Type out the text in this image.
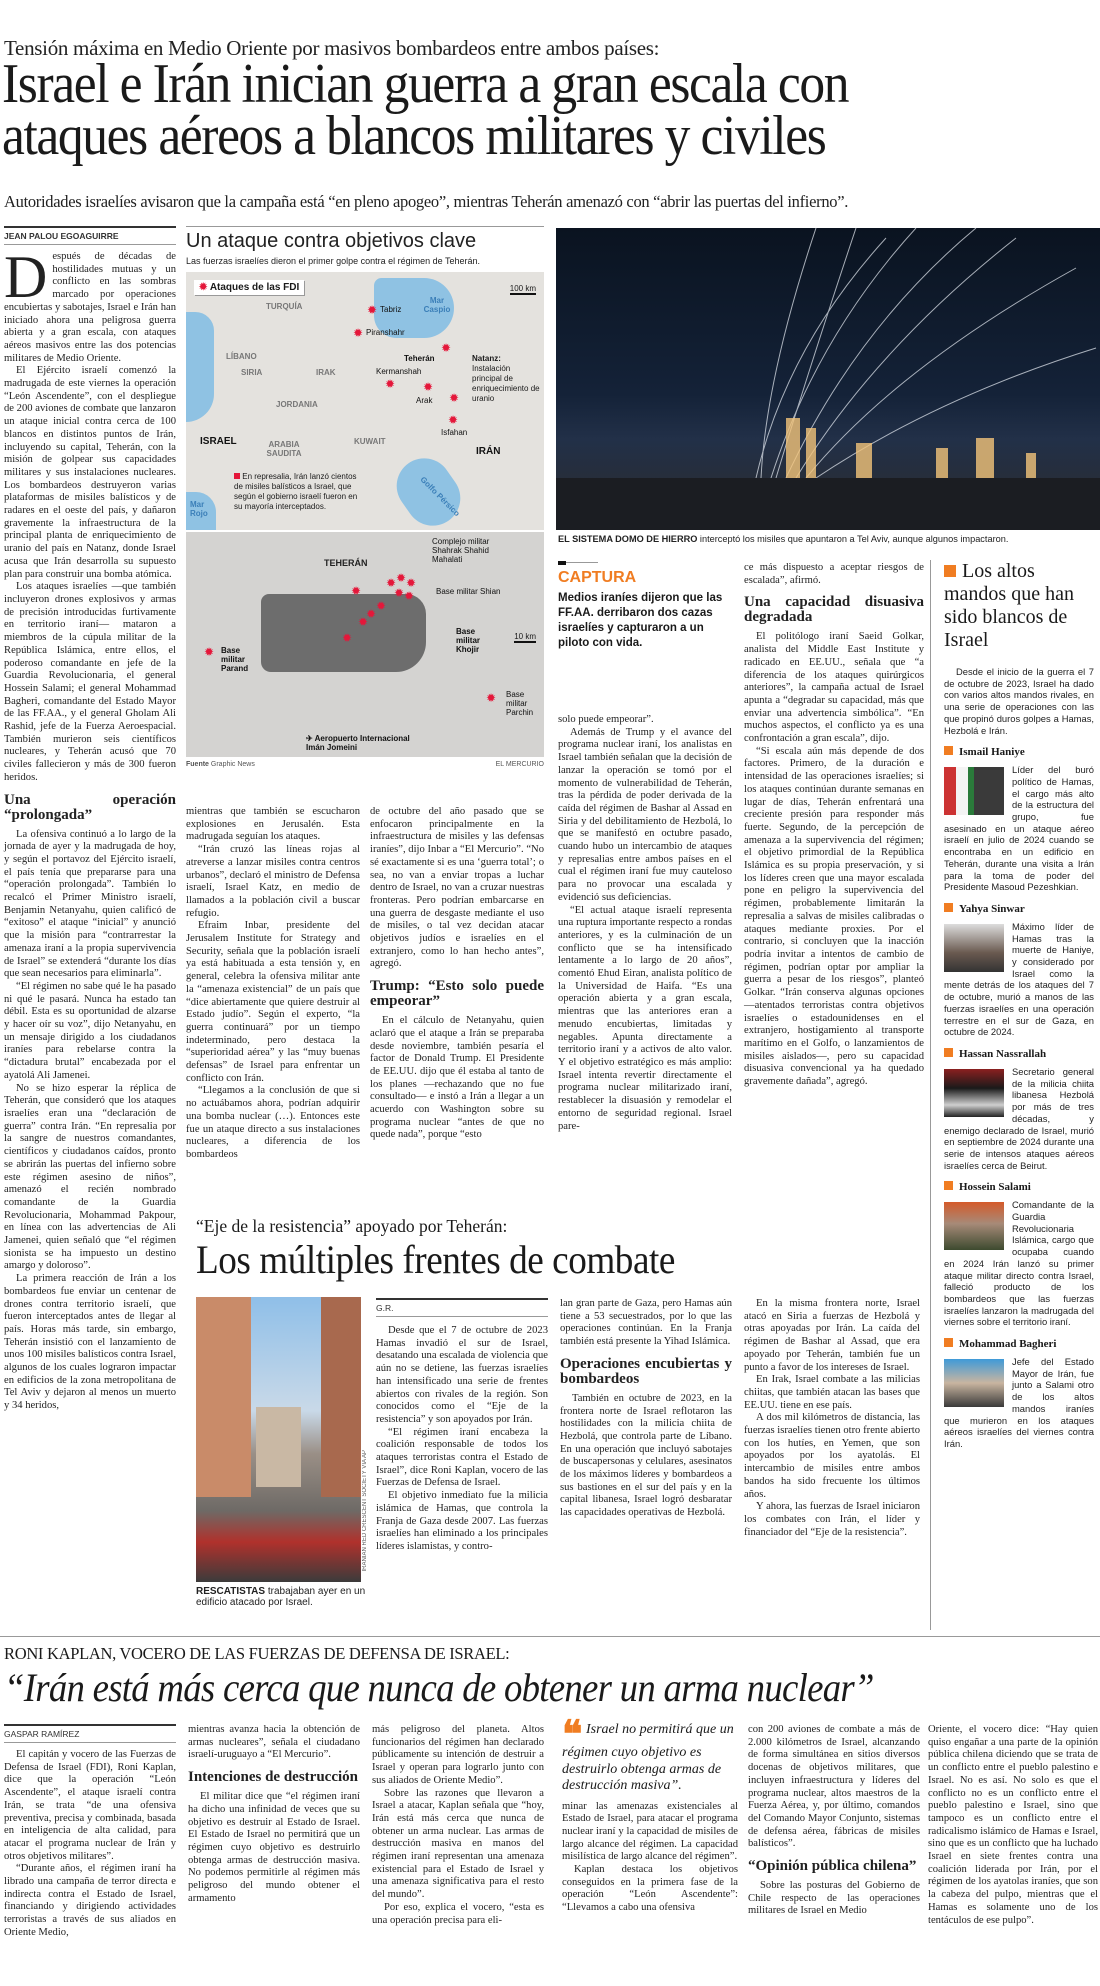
Tensión máxima en Medio Oriente por masivos bombardeos entre ambos países:
Israel e Irán inician guerra a gran escala con
ataques aéreos a blancos militares y civiles
Autoridades israelíes avisaron que la campaña está “en pleno apogeo”, mientras Teherán amenazó con “abrir las puertas del infierno”.
JEAN PALOU EGOAGUIRRE

Después de décadas de hostilidades mutuas y un conflicto en las sombras marcado por operaciones encubiertas y sabotajes, Israel e Irán han iniciado ahora una peligrosa guerra abierta y a gran escala, con ataques aéreos masivos entre las dos potencias militares de Medio Oriente.

El Ejército israelí comenzó la madrugada de este viernes la operación “León Ascendente”, con el despliegue de 200 aviones de combate que lanzaron un ataque inicial contra cerca de 100 blancos en distintos puntos de Irán, incluyendo su capital, Teherán, con la misión de golpear sus capacidades militares y sus instalaciones nucleares. Los bombardeos destruyeron varias plataformas de misiles balísticos y de radares en el oeste del país, y dañaron gravemente la infraestructura de la principal planta de enriquecimiento de uranio del país en Natanz, donde Israel acusa que Irán desarrolla su supuesto plan para construir una bomba atómica.

Los ataques israelíes —que también incluyeron drones explosivos y armas de precisión introducidas furtivamente en territorio iraní— mataron a miembros de la cúpula militar de la República Islámica, entre ellos, el poderoso comandante en jefe de la Guardia Revolucionaria, el general Hossein Salami; el general Mohammad Bagheri, comandante del Estado Mayor de las FF.AA., y el general Gholam Ali Rashid, jefe de la Fuerza Aeroespacial. También murieron seis científicos nucleares, y Teherán acusó que 70 civiles fallecieron y más de 300 fueron heridos.

Una operación “prolongada”

La ofensiva continuó a lo largo de la jornada de ayer y la madrugada de hoy, y según el portavoz del Ejército israelí, el país tenía que prepararse para una “operación prolongada”. También lo recalcó el Primer Ministro israelí, Benjamin Netanyahu, quien calificó de “exitoso” el ataque “inicial” y anunció que la misión para “contrarrestar la amenaza iraní a la propia supervivencia de Israel” se extenderá “durante los días que sean necesarios para eliminarla”.

“El régimen no sabe qué le ha pasado ni qué le pasará. Nunca ha estado tan débil. Esta es su oportunidad de alzarse y hacer oír su voz”, dijo Netanyahu, en un mensaje dirigido a los ciudadanos iraníes para rebelarse contra la “dictadura brutal” encabezada por el ayatolá Ali Jamenei.

No se hizo esperar la réplica de Teherán, que consideró que los ataques israelíes eran una “declaración de guerra” contra Irán. “En represalia por la sangre de nuestros comandantes, científicos y ciudadanos caídos, pronto se abrirán las puertas del infierno sobre este régimen asesino de niños”, amenazó el recién nombrado comandante de la Guardia Revolucionaria, Mohammad Pakpour, en línea con las advertencias de Ali Jamenei, quien señaló que “el régimen sionista se ha impuesto un destino amargo y doloroso”.

La primera reacción de Irán a los bombardeos fue enviar un centenar de drones contra territorio israelí, que fueron interceptados antes de llegar al país. Horas más tarde, sin embargo, Teherán insistió con el lanzamiento de unos 100 misiles balísticos contra Israel, algunos de los cuales lograron impactar en edificios de la zona metropolitana de Tel Aviv y dejaron al menos un muerto y 34 heridos,

Un ataque contra objetivos clave
Las fuerzas israelíes dieron el primer golpe contra el régimen de Teherán.
✹ Ataques de las FDI	100 km
TURQUÍA
LÍBANO
SIRIA	IRAK
JORDANIA
ISRAEL	ARABIA SAUDITA
KUWAIT
IRÁN
Mar Caspio
Golfo Pérsico
Mar Rojo
✹ Tabriz
✹ Piranshahr
✹
Teherán
Kermanshah
✹ ✹
Arak ✹
✹
Isfahan
Natanz:
Instalación principal de enriquecimiento de uranio
En represalia, Irán lanzó cientos de misiles balísticos a Israel, que según el gobierno israelí fueron en su mayoría interceptados.
TEHERÁN
Complejo militar Shahrak Shahid Mahalati
Base militar Shian
Base militar Khojir
Base militar Parand
Base militar Parchin
✈ Aeropuerto Internacional Imán Jomeini
10 km
✹
✹ ✹ ✹
✹ ✹
✹
✹
✹
✹
✹
✹
Fuente Graphic News	EL MERCURIO

mientras que también se escucharon explosiones en Jerusalén. Esta madrugada seguían los ataques.

“Irán cruzó las líneas rojas al atreverse a lanzar misiles contra centros urbanos”, declaró el ministro de Defensa israelí, Israel Katz, en medio de llamados a la población civil a buscar refugio.

Efraim Inbar, presidente del Jerusalem Institute for Strategy and Security, señala que la población israelí ya está habituada a esta tensión y, en general, celebra la ofensiva militar ante la “amenaza existencial” de un país que “dice abiertamente que quiere destruir al Estado judío”. Según el experto, “la guerra continuará” por un tiempo indeterminado, pero destaca la “superioridad aérea” y las “muy buenas defensas” de Israel para enfrentar un conflicto con Irán.

“Llegamos a la conclusión de que si no actuábamos ahora, podrían adquirir una bomba nuclear (…). Entonces este fue un ataque directo a sus instalaciones nucleares, a diferencia de los bombardeos

de octubre del año pasado que se enfocaron principalmente en la infraestructura de misiles y las defensas iraníes”, dijo Inbar a “El Mercurio”. “No sé exactamente si es una ‘guerra total’; o sea, no van a enviar tropas a luchar dentro de Israel, no van a cruzar nuestras fronteras. Pero podrían embarcarse en una guerra de desgaste mediante el uso de misiles, o tal vez decidan atacar objetivos judíos e israelíes en el extranjero, como lo han hecho antes”, agregó.

Trump: “Esto solo puede empeorar”

En el cálculo de Netanyahu, quien aclaró que el ataque a Irán se preparaba desde noviembre, también pesaría el factor de Donald Trump. El Presidente de EE.UU. dijo que él estaba al tanto de los planes —rechazando que no fue consultado— e instó a Irán a llegar a un acuerdo con Washington sobre su programa nuclear “antes de que no quede nada”, porque “esto

EL SISTEMA DOMO DE HIERRO interceptó los misiles que apuntaron a Tel Aviv, aunque algunos impactaron.
CAPTURA
Medios iraníes dijeron que las FF.AA. derribaron dos cazas israelíes y capturaron a un piloto con vida.

solo puede empeorar”.

Además de Trump y el avance del programa nuclear iraní, los analistas en Israel también señalan que la decisión de lanzar la operación se tomó por el momento de vulnerabilidad de Teherán, tras la pérdida de poder derivada de la caída del régimen de Bashar al Assad en Siria y del debilitamiento de Hezbolá, lo que se manifestó en octubre pasado, cuando hubo un intercambio de ataques y represalias entre ambos países en el cual el régimen iraní fue muy cauteloso para no provocar una escalada y evidenció sus deficiencias.

“El actual ataque israelí representa una ruptura importante respecto a rondas anteriores, y es la culminación de un conflicto que se ha intensificado lentamente a lo largo de 20 años”, comentó Ehud Eiran, analista político de la Universidad de Haifa. “Es una operación abierta y a gran escala, mientras que las anteriores eran a menudo encubiertas, limitadas y negables. Apunta directamente a territorio iraní y a activos de alto valor. Y el objetivo estratégico es más amplio: Israel intenta revertir directamente el programa nuclear militarizado iraní, restablecer la disuasión y remodelar el entorno de seguridad regional. Israel pare-

ce más dispuesto a aceptar riesgos de escalada”, afirmó.

Una capacidad disuasiva degradada

El politólogo iraní Saeid Golkar, analista del Middle East Institute y radicado en EE.UU., señala que “a diferencia de los ataques quirúrgicos anteriores”, la campaña actual de Israel apunta a “degradar su capacidad, más que enviar una advertencia simbólica”. “En muchos aspectos, el conflicto ya es una confrontación a gran escala”, dijo.

“Si escala aún más depende de dos factores. Primero, de la duración e intensidad de las operaciones israelíes; si los ataques continúan durante semanas en lugar de días, Teherán enfrentará una creciente presión para responder más fuerte. Segundo, de la percepción de amenaza a la supervivencia del régimen; el objetivo primordial de la República Islámica es su propia preservación, y si los líderes creen que una mayor escalada pone en peligro la supervivencia del régimen, probablemente limitarán la represalia a salvas de misiles calibradas o ataques mediante proxies. Por el contrario, si concluyen que la inacción podría invitar a intentos de cambio de régimen, podrían optar por ampliar la guerra a pesar de los riesgos”, planteó Golkar. “Irán conserva algunas opciones —atentados terroristas contra objetivos israelíes o estadounidenses en el extranjero, hostigamiento al transporte marítimo en el Golfo, o lanzamientos de misiles aislados—, pero su capacidad disuasiva convencional ya ha quedado gravemente dañada”, agregó.

Los altos mandos que han sido blancos de Israel
Desde el inicio de la guerra el 7 de octubre de 2023, Israel ha dado con varios altos mandos rivales, en una serie de operaciones con las que propinó duros golpes a Hamas, Hezbolá e Irán.
Ismail Haniye
Líder del buró político de Hamas, el cargo más alto de la estructura del grupo, fue asesinado en un ataque aéreo israelí en julio de 2024 cuando se encontraba en un edificio en Teherán, durante una visita a Irán para la toma de poder del Presidente Masoud Pezeshkian.
Yahya Sinwar
Máximo líder de Hamas tras la muerte de Haniye, y considerado por Israel como la mente detrás de los ataques del 7 de octubre, murió a manos de las fuerzas israelíes en una operación terrestre en el sur de Gaza, en octubre de 2024.
Hassan Nassrallah
Secretario general de la milicia chiita libanesa Hezbolá por más de tres décadas, y enemigo declarado de Israel, murió en septiembre de 2024 durante una serie de intensos ataques aéreos israelíes cerca de Beirut.
Hossein Salami
Comandante de la Guardia Revolucionaria Islámica, cargo que ocupaba cuando en 2024 Irán lanzó su primer ataque militar directo contra Israel, falleció producto de los bombardeos que las fuerzas israelíes lanzaron la madrugada del viernes sobre el territorio iraní.
Mohammad Bagheri
Jefe del Estado Mayor de Irán, fue junto a Salami otro de los altos mandos iraníes que murieron en los ataques aéreos israelíes del viernes contra Irán.
“Eje de la resistencia” apoyado por Teherán:
Los múltiples frentes de combate
IRANIAN RED CRESCENT SOCIETY VIA AP
RESCATISTAS trabajaban ayer en un edificio atacado por Israel.
G.R.

Desde que el 7 de octubre de 2023 Hamas invadió el sur de Israel, desatando una escalada de violencia que aún no se detiene, las fuerzas israelíes han intensificado una serie de frentes abiertos con rivales de la región. Son conocidos como el “Eje de la resistencia” y son apoyados por Irán.

“El régimen iraní encabeza la coalición responsable de todos los ataques terroristas contra el Estado de Israel”, dice Roni Kaplan, vocero de las Fuerzas de Defensa de Israel.

El objetivo inmediato fue la milicia islámica de Hamas, que controla la Franja de Gaza desde 2007. Las fuerzas israelíes han eliminado a los principales líderes islamistas, y contro-

lan gran parte de Gaza, pero Hamas aún tiene a 53 secuestrados, por lo que las operaciones continúan. En la Franja también está presente la Yihad Islámica.

Operaciones encubiertas y bombardeos

También en octubre de 2023, en la frontera norte de Israel reflotaron las hostilidades con la milicia chiita de Hezbolá, que controla parte de Líbano. En una operación que incluyó sabotajes de buscapersonas y celulares, asesinatos de los máximos líderes y bombardeos a sus bastiones en el sur del país y en la capital libanesa, Israel logró desbaratar las capacidades operativas de Hezbolá.

En la misma frontera norte, Israel atacó en Siria a fuerzas de Hezbolá y otras apoyadas por Irán. La caída del régimen de Bashar al Assad, que era apoyado por Teherán, también fue un punto a favor de los intereses de Israel.

En Irak, Israel combate a las milicias chiitas, que también atacan las bases que EE.UU. tiene en ese país.

A dos mil kilómetros de distancia, las fuerzas israelíes tienen otro frente abierto con los hutíes, en Yemen, que son apoyados por los ayatolás. El intercambio de misiles entre ambos bandos ha sido frecuente los últimos años.

Y ahora, las fuerzas de Israel iniciaron los combates con Irán, el líder y financiador del “Eje de la resistencia”.

RONI KAPLAN, VOCERO DE LAS FUERZAS DE DEFENSA DE ISRAEL:
“Irán está más cerca que nunca de obtener un arma nuclear”
GASPAR RAMÍREZ

El capitán y vocero de las Fuerzas de Defensa de Israel (FDI), Roni Kaplan, dice que la operación “León Ascendente”, el ataque israelí contra Irán, se trata “de una ofensiva preventiva, precisa y combinada, basada en inteligencia de alta calidad, para atacar el programa nuclear de Irán y otros objetivos militares”.

“Durante años, el régimen iraní ha librado una campaña de terror directa e indirecta contra el Estado de Israel, financiando y dirigiendo actividades terroristas a través de sus aliados en Oriente Medio,

mientras avanza hacia la obtención de armas nucleares”, señala el ciudadano israelí-uruguayo a “El Mercurio”.

Intenciones de destrucción

El militar dice que “el régimen iraní ha dicho una infinidad de veces que su objetivo es destruir al Estado de Israel. El Estado de Israel no permitirá que un régimen cuyo objetivo es destruirlo obtenga armas de destrucción masiva. No podemos permitirle al régimen más peligroso del mundo obtener el armamento

más peligroso del planeta. Altos funcionarios del régimen han declarado públicamente su intención de destruir a Israel y operan para lograrlo junto con sus aliados de Oriente Medio”.

Sobre las razones que llevaron a Israel a atacar, Kaplan señala que “hoy, Irán está más cerca que nunca de obtener un arma nuclear. Las armas de destrucción masiva en manos del régimen iraní representan una amenaza existencial para el Estado de Israel y una amenaza significativa para el resto del mundo”.

Por eso, explica el vocero, “esta es una operación precisa para eli-

❝ Israel no permitirá que un régimen cuyo objetivo es destruirlo obtenga armas de destrucción masiva”.

minar las amenazas existenciales al Estado de Israel, para atacar el programa nuclear iraní y la capacidad de misiles de largo alcance del régimen. La capacidad misilística de largo alcance del régimen”.

Kaplan destaca los objetivos conseguidos en la primera fase de la operación “León Ascendente”: “Llevamos a cabo una ofensiva

con 200 aviones de combate a más de 2.000 kilómetros de Israel, alcanzando de forma simultánea en sitios diversos docenas de objetivos militares, que incluyen infraestructura y líderes del programa nuclear, altos maestros de la Fuerza Aérea, y, por último, comandos del Comando Mayor Conjunto, sistemas de defensa aérea, fábricas de misiles balísticos”.

“Opinión pública chilena”

Sobre las posturas del Gobierno de Chile respecto de las operaciones militares de Israel en Medio

Oriente, el vocero dice: “Hay quien quiso engañar a una parte de la opinión pública chilena diciendo que se trata de un conflicto entre el pueblo palestino e Israel. No es así. No solo es que el conflicto no es un conflicto entre el pueblo palestino e Israel, sino que tampoco es un conflicto entre el radicalismo islámico de Hamas e Israel, sino que es un conflicto que ha luchado Israel en siete frentes contra una coalición liderada por Irán, por el régimen de los ayatolas iraníes, que son la cabeza del pulpo, mientras que el Hamas es solamente uno de los tentáculos de ese pulpo”.
